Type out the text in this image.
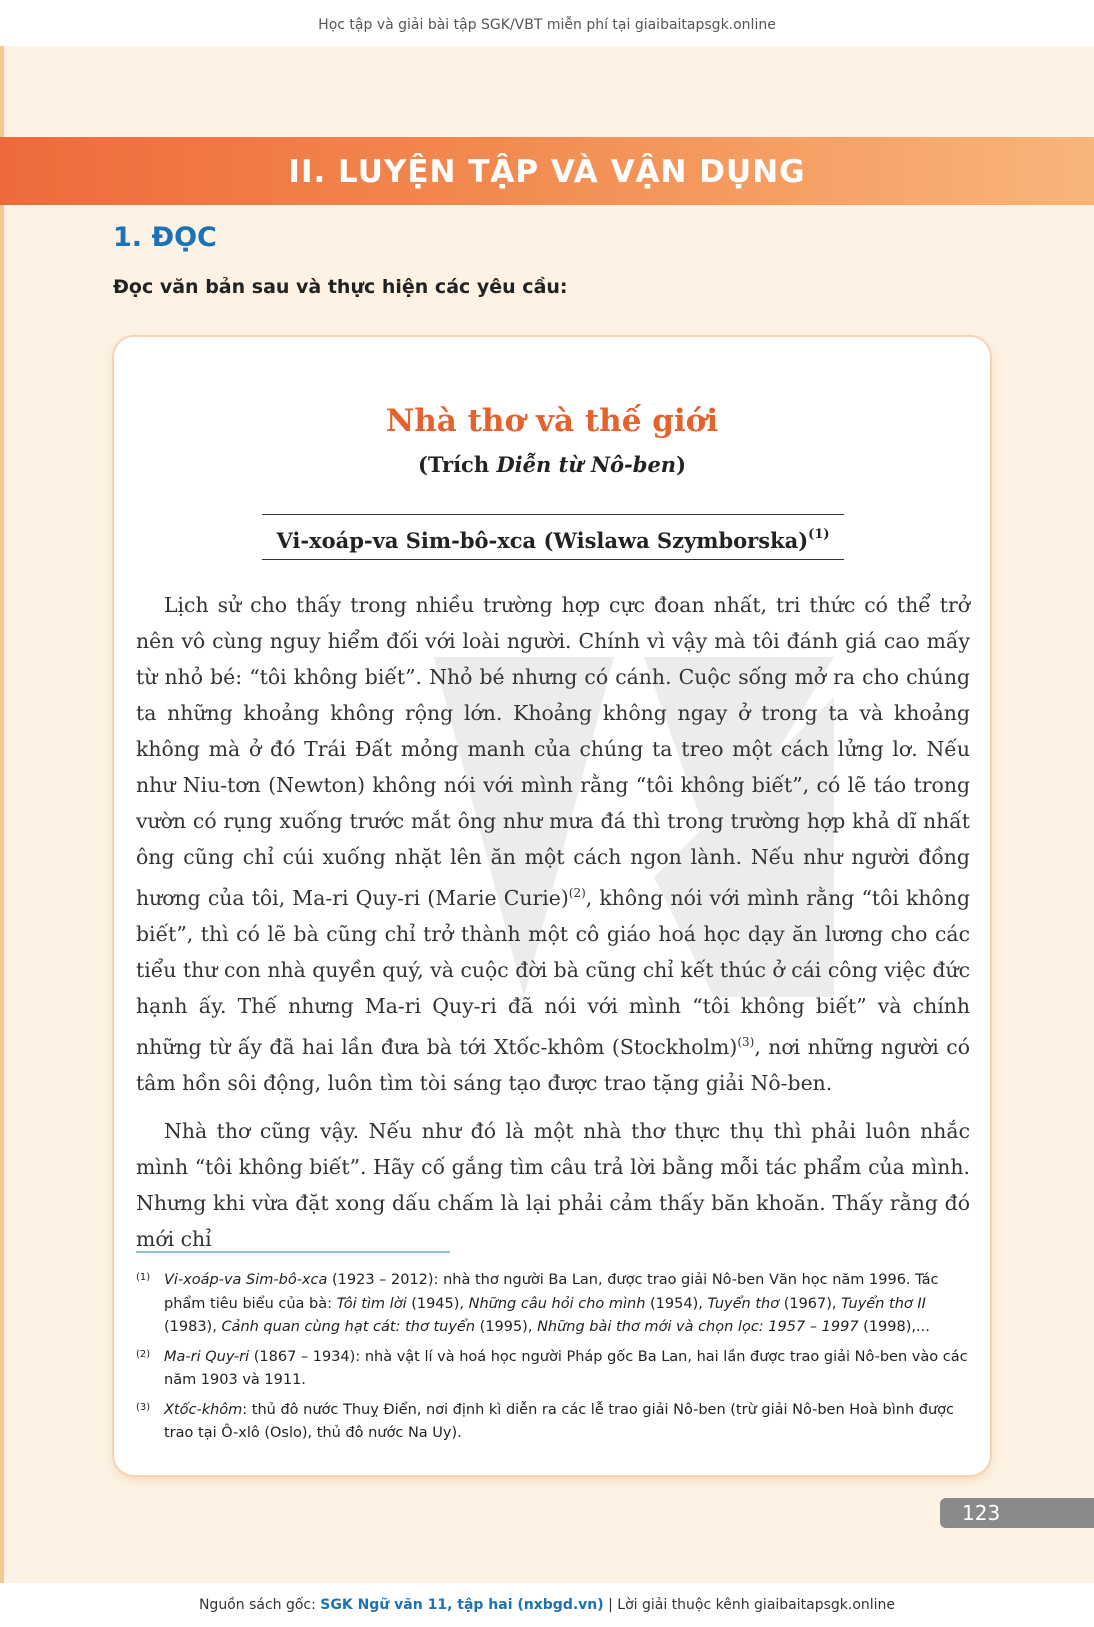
Học tập và giải bài tập SGK/VBT miễn phí tại giaibaitapsgk.online
II. LUYỆN TẬP VÀ VẬN DỤNG
1. ĐỌC
Đọc văn bản sau và thực hiện các yêu cầu:
Nhà thơ và thế giới
(Trích Diễn từ Nô-ben)
Vi-xoáp-va Sim-bô-xca (Wislawa Szymborska)$^{(1)}$

Lịch sử cho thấy trong nhiều trường hợp cực đoan nhất, tri thức có thể trở nên vô cùng nguy hiểm đối với loài người. Chính vì vậy mà tôi đánh giá cao mấy từ nhỏ bé: “tôi không biết”. Nhỏ bé nhưng có cánh. Cuộc sống mở ra cho chúng ta những khoảng không rộng lớn. Khoảng không ngay ở trong ta và khoảng không mà ở đó Trái Đất mỏng manh của chúng ta treo một cách lửng lơ. Nếu như Niu-tơn (Newton) không nói với mình rằng “tôi không biết”, có lẽ táo trong vườn có rụng xuống trước mắt ông như mưa đá thì trong trường hợp khả dĩ nhất ông cũng chỉ cúi xuống nhặt lên ăn một cách ngon lành. Nếu như người đồng hương của tôi, Ma-ri Quy-ri (Marie Curie)$^{(2)}$, không nói với mình rằng “tôi không biết”, thì có lẽ bà cũng chỉ trở thành một cô giáo hoá học dạy ăn lương cho các tiểu thư con nhà quyền quý, và cuộc đời bà cũng chỉ kết thúc ở cái công việc đức hạnh ấy. Thế nhưng Ma-ri Quy-ri đã nói với mình “tôi không biết” và chính những từ ấy đã hai lần đưa bà tới Xtốc-khôm (Stockholm)$^{(3)}$, nơi những người có tâm hồn sôi động, luôn tìm tòi sáng tạo được trao tặng giải Nô-ben.

Nhà thơ cũng vậy. Nếu như đó là một nhà thơ thực thụ thì phải luôn nhắc mình “tôi không biết”. Hãy cố gắng tìm câu trả lời bằng mỗi tác phẩm của mình. Nhưng khi vừa đặt xong dấu chấm là lại phải cảm thấy băn khoăn. Thấy rằng đó mới chỉ

(1) Vi-xoáp-va Sim-bô-xca (1923 – 2012): nhà thơ người Ba Lan, được trao giải Nô-ben Văn học năm 1996. Tác phẩm tiêu biểu của bà: Tôi tìm lời (1945), Những câu hỏi cho mình (1954), Tuyển thơ (1967), Tuyển thơ II (1983), Cảnh quan cùng hạt cát: thơ tuyển (1995), Những bài thơ mới và chọn lọc: 1957 – 1997 (1998),...
(2) Ma-ri Quy-ri (1867 – 1934): nhà vật lí và hoá học người Pháp gốc Ba Lan, hai lần được trao giải Nô-ben vào các năm 1903 và 1911.
(3) Xtốc-khôm: thủ đô nước Thuỵ Điển, nơi định kì diễn ra các lễ trao giải Nô-ben (trừ giải Nô-ben Hoà bình được trao tại Ô-xlô (Oslo), thủ đô nước Na Uy).
123
Nguồn sách gốc: SGK Ngữ văn 11, tập hai (nxbgd.vn) | Lời giải thuộc kênh giaibaitapsgk.online
